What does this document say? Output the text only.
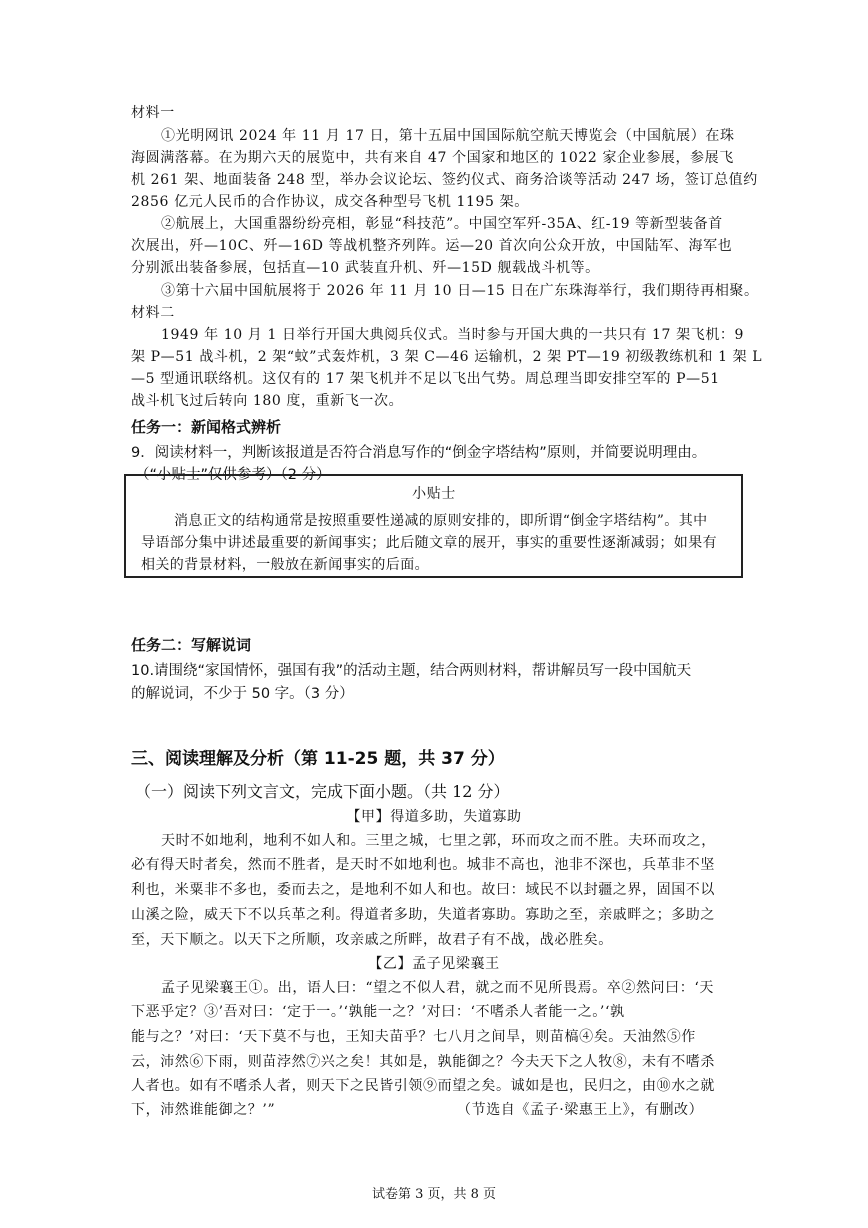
材料一
①光明网讯 2024 年 11 月 17 日，第十五届中国国际航空航天博览会（中国航展）在珠
海圆满落幕。在为期六天的展览中，共有来自 47 个国家和地区的 1022 家企业参展，参展飞
机 261 架、地面装备 248 型，举办会议论坛、签约仪式、商务洽谈等活动 247 场，签订总值约
2856 亿元人民币的合作协议，成交各种型号飞机 1195 架。
②航展上，大国重器纷纷亮相，彰显“科技范”。中国空军歼-35A、红-19 等新型装备首
次展出，歼—10C、歼—16D 等战机整齐列阵。运—20 首次向公众开放，中国陆军、海军也
分别派出装备参展，包括直—10 武装直升机、歼—15D 舰载战斗机等。
③第十六届中国航展将于 2026 年 11 月 10 日—15 日在广东珠海举行，我们期待再相聚。
材料二
1949 年 10 月 1 日举行开国大典阅兵仪式。当时参与开国大典的一共只有 17 架飞机：9
架 P—51 战斗机，2 架“蚊”式轰炸机，3 架 C—46 运输机，2 架 PT—19 初级教练机和 1 架 L
—5 型通讯联络机。这仅有的 17 架飞机并不足以飞出气势。周总理当即安排空军的 P—51
战斗机飞过后转向 180 度，重新飞一次。
任务一：新闻格式辨析
9．阅读材料一，判断该报道是否符合消息写作的“倒金字塔结构”原则，并简要说明理由。
（“小贴士”仅供参考）（2 分）
小贴士
消息正文的结构通常是按照重要性递减的原则安排的，即所谓“倒金字塔结构”。其中
导语部分集中讲述最重要的新闻事实；此后随文章的展开，事实的重要性逐渐减弱；如果有
相关的背景材料，一般放在新闻事实的后面。
任务二：写解说词
10.请围绕“家国情怀，强国有我”的活动主题，结合两则材料，帮讲解员写一段中国航天
的解说词，不少于 50 字。（3 分）
三、阅读理解及分析（第 11-25 题，共 37 分）
（一）阅读下列文言文，完成下面小题。（共 12 分）
【甲】得道多助，失道寡助
天时不如地利，地利不如人和。三里之城，七里之郭，环而攻之而不胜。夫环而攻之，
必有得天时者矣，然而不胜者，是天时不如地利也。城非不高也，池非不深也，兵革非不坚
利也，米粟非不多也，委而去之，是地利不如人和也。故曰：域民不以封疆之界，固国不以
山溪之险，威天下不以兵革之利。得道者多助，失道者寡助。寡助之至，亲戚畔之；多助之
至，天下顺之。以天下之所顺，攻亲戚之所畔，故君子有不战，战必胜矣。
【乙】孟子见梁襄王
孟子见梁襄王①。出，语人曰：“望之不似人君，就之而不见所畏焉。卒②然问曰：‘天
下恶乎定？③’吾对曰：‘定于一。’‘孰能一之？’对曰：‘不嗜杀人者能一之。’‘孰
能与之？’对曰：‘天下莫不与也，王知夫苗乎？七八月之间旱，则苗槁④矣。天油然⑤作
云，沛然⑥下雨，则苗浡然⑦兴之矣！其如是，孰能御之？今夫天下之人牧⑧，未有不嗜杀
人者也。如有不嗜杀人者，则天下之民皆引领⑨而望之矣。诚如是也，民归之，由⑩水之就
下，沛然谁能御之？’”	（节选自《孟子·梁惠王上》，有删改）
试卷第 3 页，共 8 页
